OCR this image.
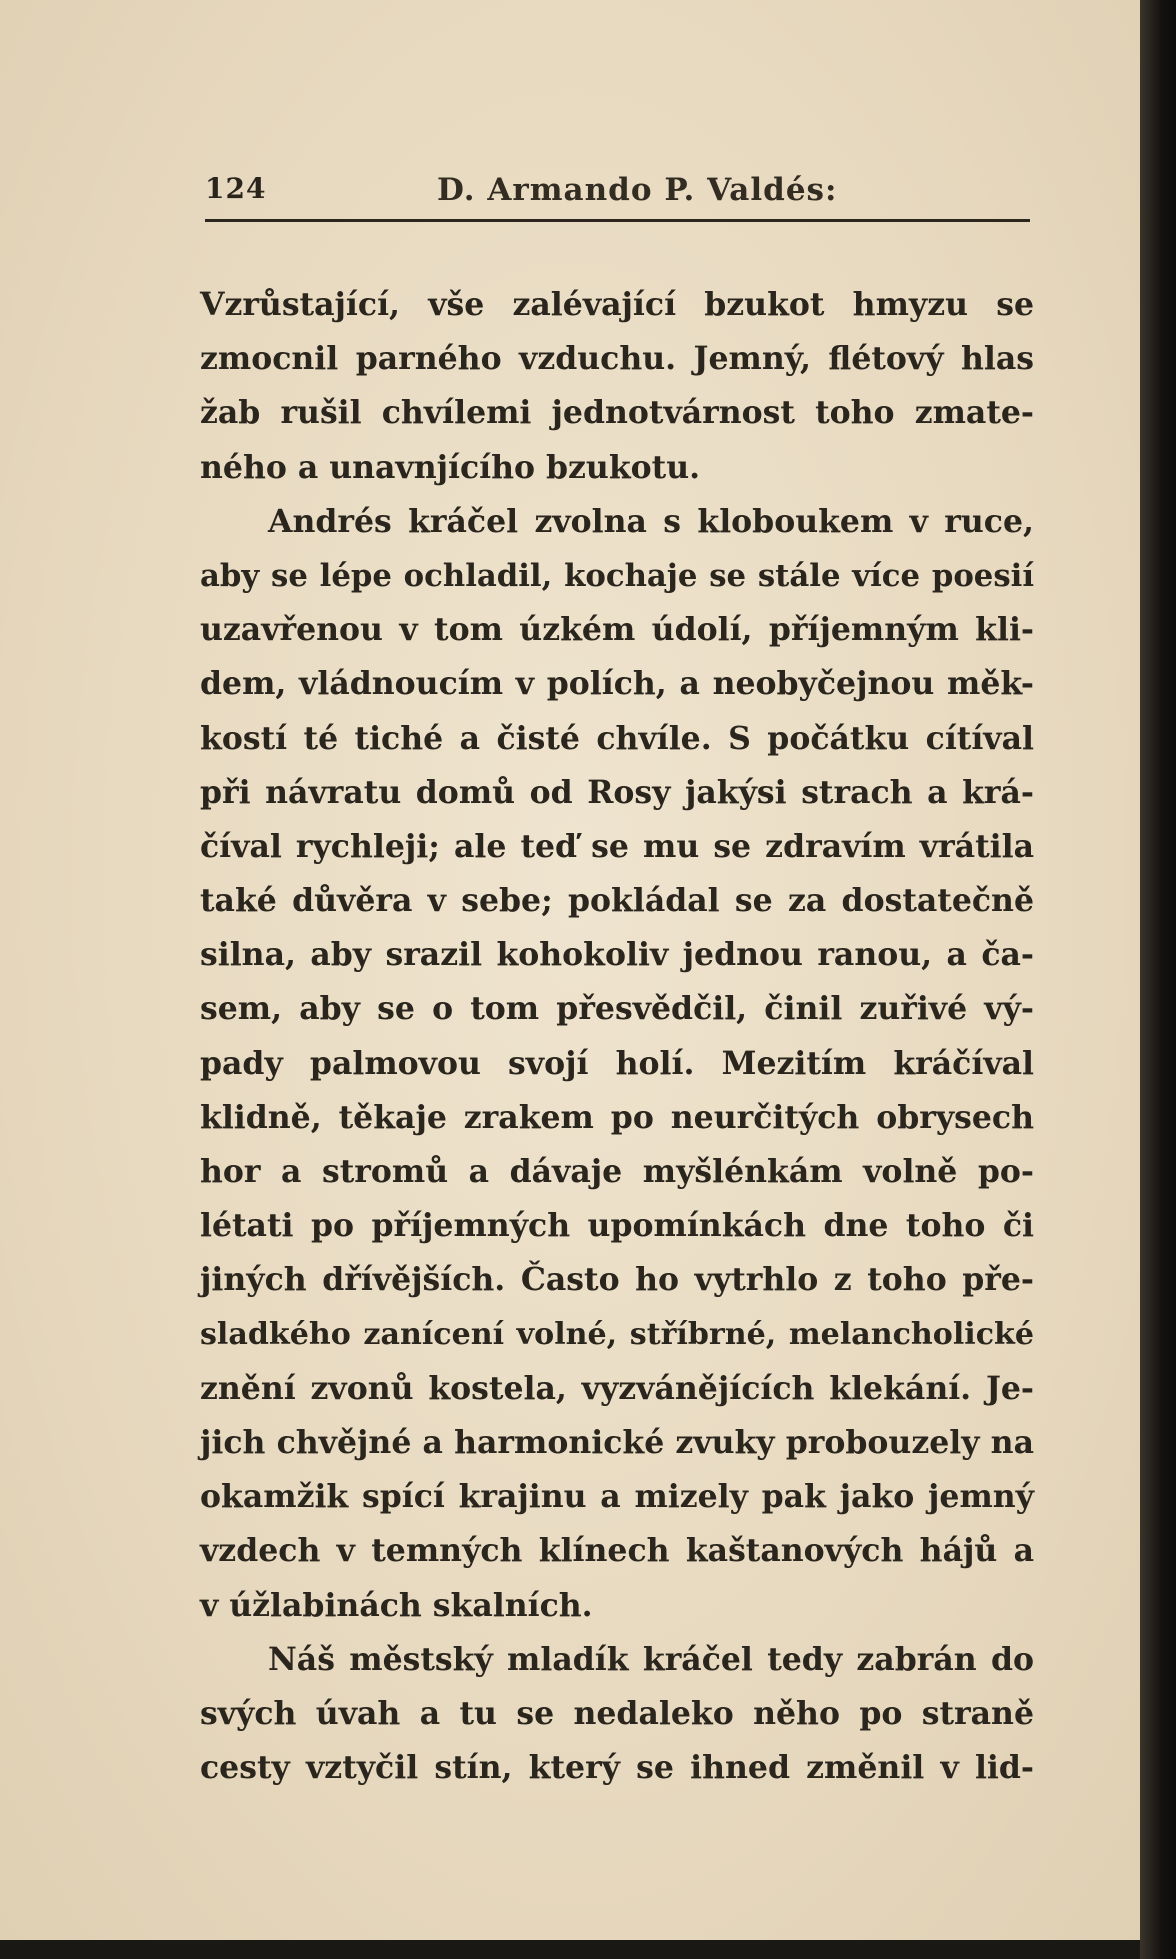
124	D. Armando P. Valdés:
Vzrůstající, vše zalévající bzukot hmyzu se
zmocnil parného vzduchu. Jemný, flétový hlas
žab rušil chvílemi jednotvárnost toho zmate-
ného a unavnjícího bzukotu.
Andrés kráčel zvolna s kloboukem v ruce,
aby se lépe ochladil, kochaje se stále více poesií
uzavřenou v tom úzkém údolí, příjemným kli-
dem, vládnoucím v polích, a neobyčejnou měk-
kostí té tiché a čisté chvíle. S počátku cítíval
při návratu domů od Rosy jakýsi strach a krá-
číval rychleji; ale teď se mu se zdravím vrátila
také důvěra v sebe; pokládal se za dostatečně
silna, aby srazil kohokoliv jednou ranou, a ča-
sem, aby se o tom přesvědčil, činil zuřivé vý-
pady palmovou svojí holí. Mezitím kráčíval
klidně, těkaje zrakem po neurčitých obrysech
hor a stromů a dávaje myšlénkám volně po-
létati po příjemných upomínkách dne toho či
jiných dřívějších. Často ho vytrhlo z toho pře-
sladkého zanícení volné, stříbrné, melancholické
znění zvonů kostela, vyzvánějících klekání. Je-
jich chvějné a harmonické zvuky probouzely na
okamžik spící krajinu a mizely pak jako jemný
vzdech v temných klínech kaštanových hájů a
v úžlabinách skalních.
Náš městský mladík kráčel tedy zabrán do
svých úvah a tu se nedaleko něho po straně
cesty vztyčil stín, který se ihned změnil v lid-
